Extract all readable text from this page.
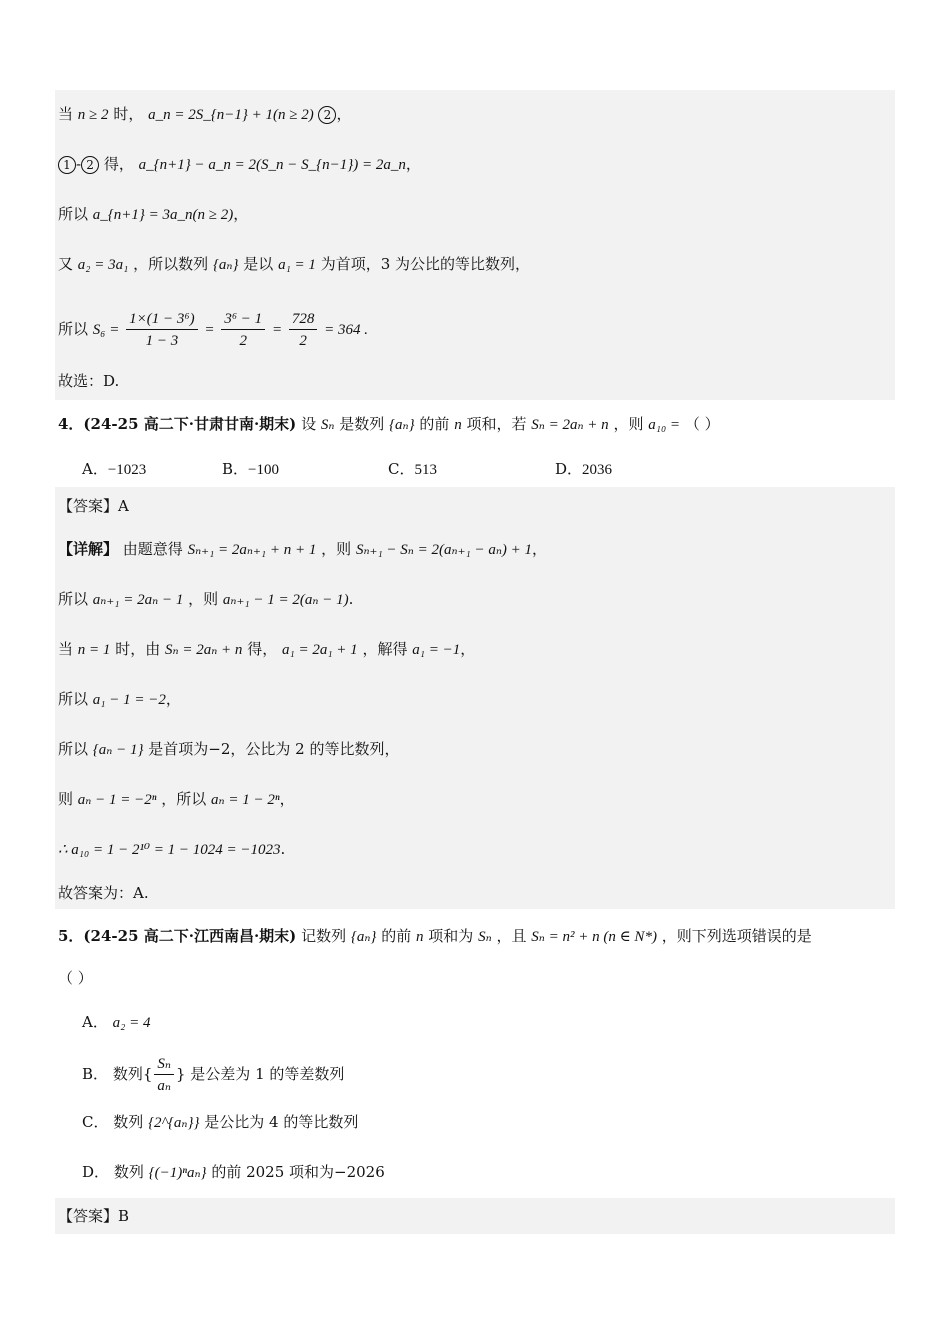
当 n ≥ 2 时， a_n = 2S_{n−1} + 1(n ≥ 2) 2 ，
1 - 2 得， a_{n+1} − a_n = 2(S_n − S_{n−1}) = 2a_n，
所以 a_{n+1} = 3a_n(n ≥ 2)，
又 a₂ = 3a₁ ，所以数列 {aₙ} 是以 a₁ = 1 为首项，3 为公比的等比数列，
所以 $S_6 = \frac{\text{1×(1 − 3⁶)}}{1 - 3} = \frac{\text{3⁶ − 1}}{2} = \frac{728}{2} = 364$ .
故选：D.
4．(24-25 高二下·甘肃甘南·期末) 设 Sₙ 是数列 {aₙ} 的前 n 项和，若 Sₙ = 2aₙ + n ，则 a₁₀ = （ ）
A．−1023	B．−100	C．513	D．2036
【答案】A
【详解】 由题意得 Sₙ₊₁ = 2aₙ₊₁ + n + 1 ，则 Sₙ₊₁ − Sₙ = 2(aₙ₊₁ − aₙ) + 1，
所以 aₙ₊₁ = 2aₙ − 1 ，则 aₙ₊₁ − 1 = 2(aₙ − 1).
当 n = 1 时，由 Sₙ = 2aₙ + n 得， a₁ = 2a₁ + 1 ，解得 a₁ = −1，
所以 a₁ − 1 = −2，
所以 {aₙ − 1} 是首项为−2，公比为 2 的等比数列，
则 aₙ − 1 = −2ⁿ ，所以 aₙ = 1 − 2ⁿ，
∴ a₁₀ = 1 − 2¹⁰ = 1 − 1024 = −1023.
故答案为：A.
5．(24-25 高二下·江西南昌·期末) 记数列 {aₙ} 的前 n 项和为 Sₙ ，且 Sₙ = n² + n (n ∈ N*) ，则下列选项错误的是
（ ）
A． a₂ = 4
B． 数列{ $\frac{\text{Sₙ}}{\text{aₙ}}$ } 是公差为 1 的等差数列
C． 数列 {2^{aₙ}} 是公比为 4 的等比数列
D． 数列 {(−1)ⁿaₙ} 的前 2025 项和为−2026
【答案】B
